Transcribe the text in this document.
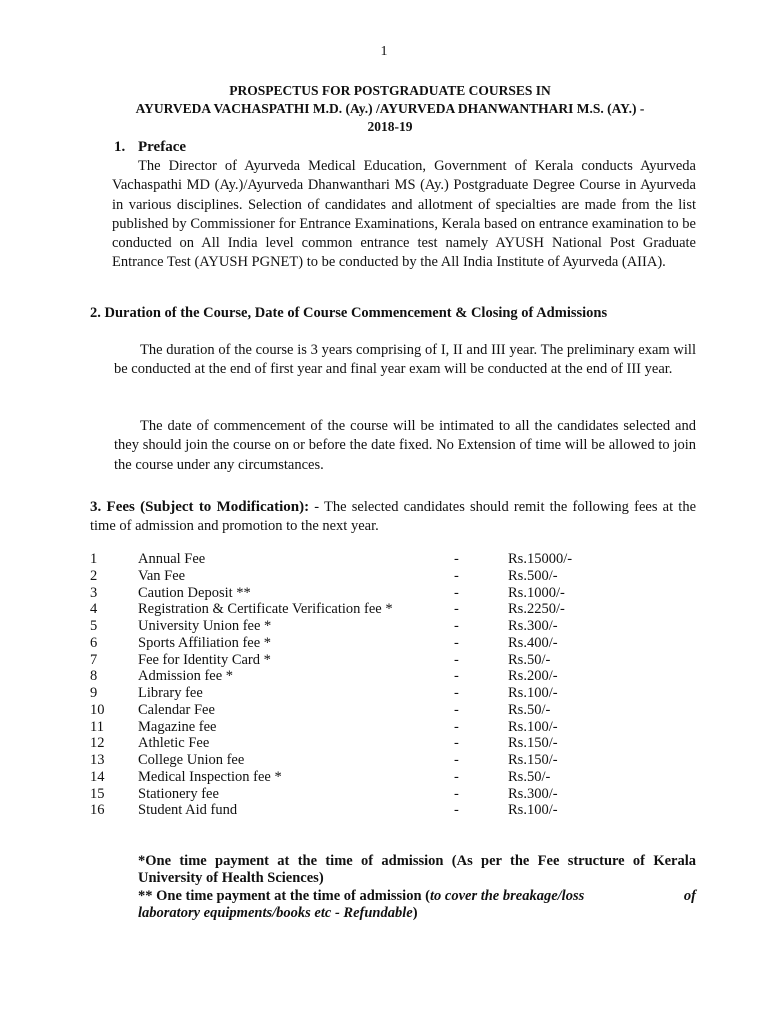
1
PROSPECTUS FOR POSTGRADUATE COURSES IN
AYURVEDA VACHASPATHI M.D. (Ay.) /AYURVEDA DHANWANTHARI M.S. (AY.) -
2018-19
1. Preface
The Director of Ayurveda Medical Education, Government of Kerala conducts Ayurveda Vachaspathi MD (Ay.)/Ayurveda Dhanwanthari MS (Ay.) Postgraduate Degree Course in Ayurveda in various disciplines. Selection of candidates and allotment of specialties are made from the list published by Commissioner for Entrance Examinations, Kerala based on entrance examination to be conducted on All India level common entrance test namely AYUSH National Post Graduate Entrance Test (AYUSH PGNET) to be conducted by the All India Institute of Ayurveda (AIIA).
2. Duration of the Course, Date of Course Commencement & Closing of Admissions
The duration of the course is 3 years comprising of I, II and III year. The preliminary exam will be conducted at the end of first year and final year exam will be conducted at the end of III year.
The date of commencement of the course will be intimated to all the candidates selected and they should join the course on or before the date fixed. No Extension of time will be allowed to join the course under any circumstances.
3. Fees (Subject to Modification): - The selected candidates should remit the following fees at the time of admission and promotion to the next year.
1	Annual Fee	-	Rs.15000/-
2	Van Fee	-	Rs.500/-
3	Caution Deposit **	-	Rs.1000/-
4	Registration & Certificate Verification fee *	-	Rs.2250/-
5	University Union fee *	-	Rs.300/-
6	Sports Affiliation fee *	-	Rs.400/-
7	Fee for Identity Card *	-	Rs.50/-
8	Admission fee *	-	Rs.200/-
9	Library fee	-	Rs.100/-
10 Calendar Fee	-	Rs.50/-
11 Magazine fee	-	Rs.100/-
12 Athletic Fee	-	Rs.150/-
13 College Union fee	-	Rs.150/-
14 Medical Inspection fee *	-	Rs.50/-
15 Stationery fee	-	Rs.300/-
16 Student Aid fund	-	Rs.100/-
*One time payment at the time of admission (As per the Fee structure of Kerala University of Health Sciences)
** One time payment at the time of admission (to cover the breakage/loss	of
laboratory equipments/books etc - Refundable)
